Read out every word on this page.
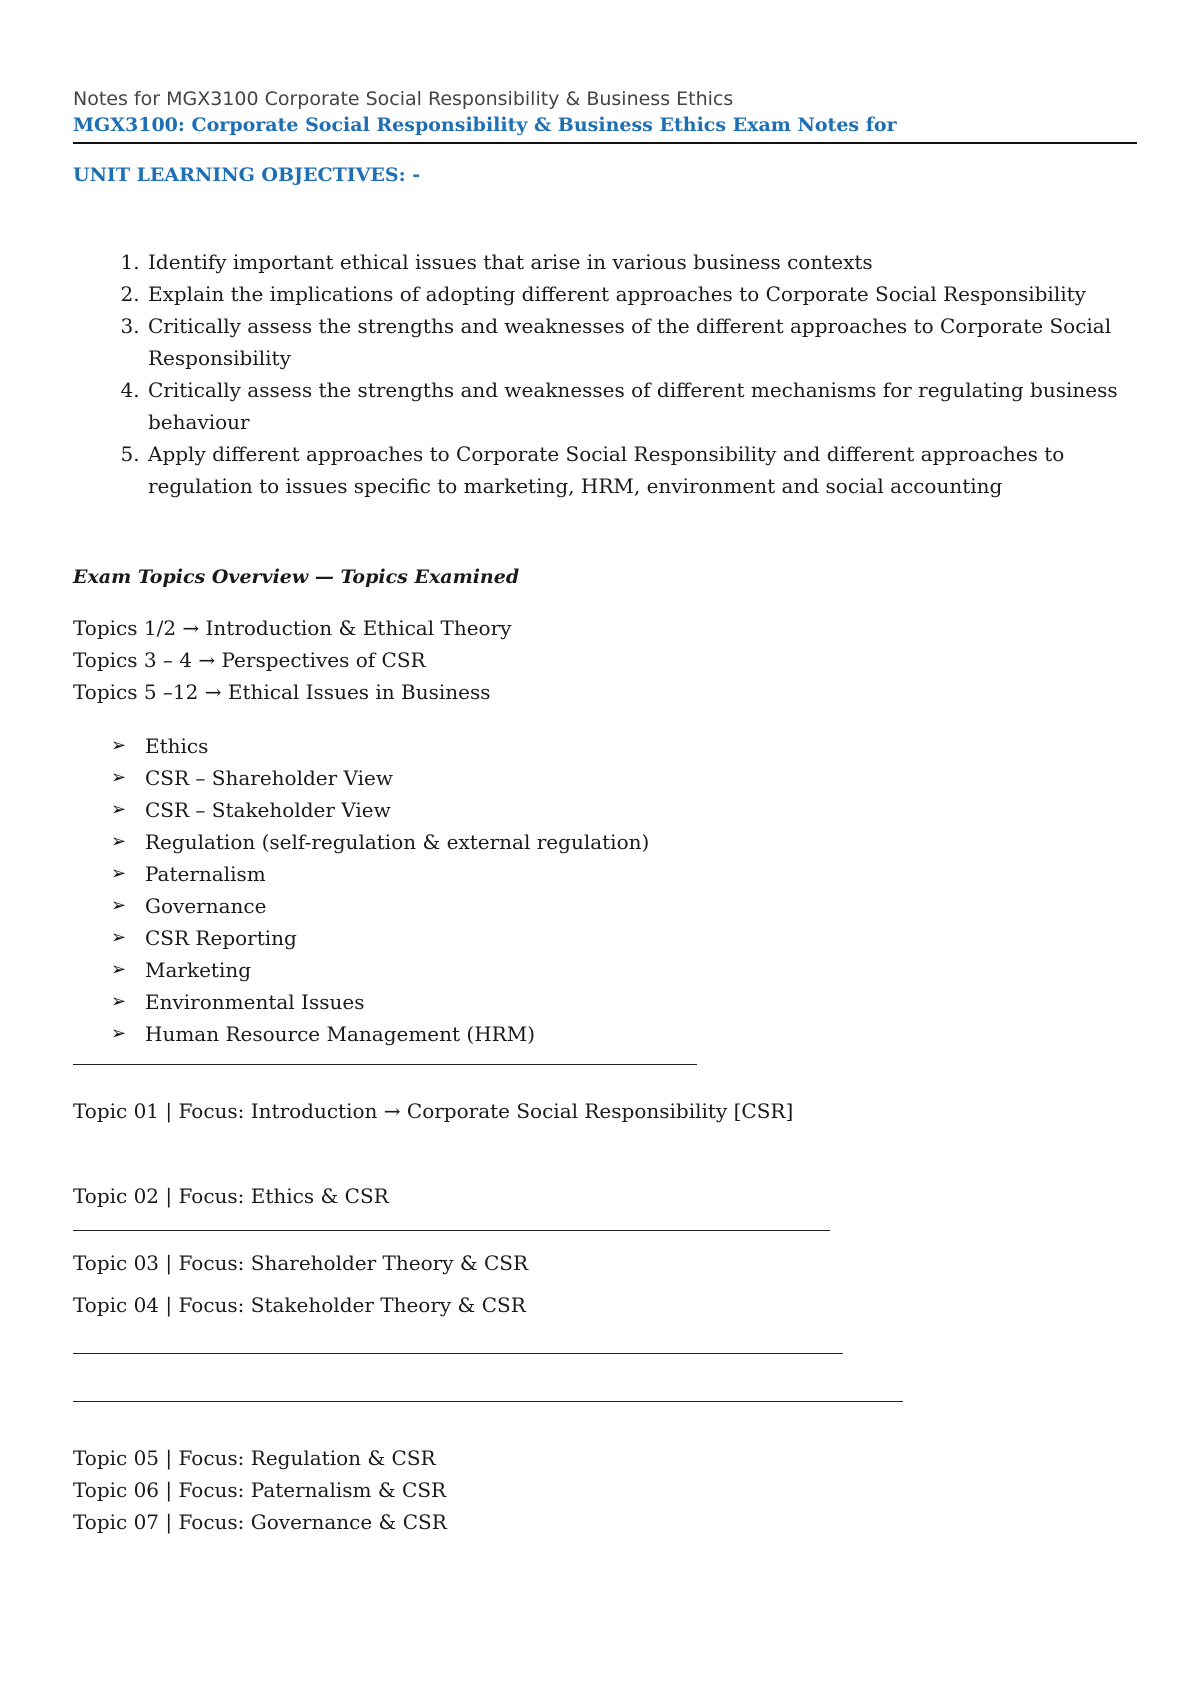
Notes for MGX3100 Corporate Social Responsibility & Business Ethics

MGX3100: Corporate Social Responsibility & Business Ethics Exam Notes for

UNIT LEARNING OBJECTIVES: -

1. Identify important ethical issues that arise in various business contexts
2. Explain the implications of adopting different approaches to Corporate Social Responsibility
3. Critically assess the strengths and weaknesses of the different approaches to Corporate Social Responsibility
4. Critically assess the strengths and weaknesses of different mechanisms for regulating business behaviour
5. Apply different approaches to Corporate Social Responsibility and different approaches to regulation to issues specific to marketing, HRM, environment and social accounting

Exam Topics Overview — Topics Examined

Topics 1/2 → Introduction & Ethical Theory
Topics 3 – 4 → Perspectives of CSR
Topics 5 –12 → Ethical Issues in Business
➢ Ethics
➢ CSR – Shareholder View
➢ CSR – Stakeholder View
➢ Regulation (self-regulation & external regulation)
➢ Paternalism
➢ Governance
➢ CSR Reporting
➢ Marketing
➢ Environmental Issues
➢ Human Resource Management (HRM)

Topic 01 | Focus: Introduction → Corporate Social Responsibility [CSR]

Topic 02 | Focus: Ethics & CSR

Topic 03 | Focus: Shareholder Theory & CSR

Topic 04 | Focus: Stakeholder Theory & CSR

Topic 05 | Focus: Regulation & CSR

Topic 06 | Focus: Paternalism & CSR

Topic 07 | Focus: Governance & CSR
